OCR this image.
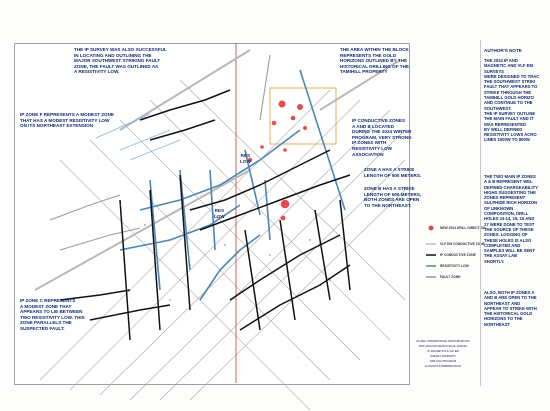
THE IP SURVEY WAS ALSO SUCCESSFUL
IN LOCATING AND OUTLINING THE
MAJOR SOUTHWEST STRIKING FAULT
ZONE, THE FAULT WAS OUTLINED AS
A RESISTIVITY LOW.
THE AREA WITHIN THE BLOCK
REPRESENTS THE GOLD
HORIZONS OUTLINED BY THE
HISTORICAL DRILLING OF THE
TAMIHILL PROPERTY
IP ZONE F REPRESENTS A MODEST ZONE
THAT HAS A MODEST RESISTIVITY LOW
ON ITS NORTHEAST EXTENSION
IP CONDUCTIVE ZONES
A AND B LOCATED
DURING THE 2024 WINTER
PROGRAM, VERY STRONG
IP ZONES WITH
RESISTIVITY LOW
ASSOCIATION
ZONE A HAS A STRIKE
LENGTH OF 500 METERS.
ZONE B HAS A STRIKE
LENGTH OF 500 METERS,
BOTH ZONES ARE OPEN
TO THE NORTHEAST.
IP ZONE C REPRESENTS
A MODEST ZONE THAT
APPEARS TO LIE BETWEEN
TWO RESISTIVITY LOW. THIS
ZONE PARALLELS THE
SUSPECTED FAULT.
RES
LOW
RES
LOW
NEW 2024 DRILL DIRECTION
VLF EM CONDUCTIVE ZONE
IP CONDUCTIVE ZONE
RESISTIVITY LOW
FAULT ZONE
GLOBAL INTERNATIONAL RESOURCES INC
2024 GROUND GEOPHYSICAL SURVEY
IP, MAGNETICS & VLF EM
TAMIHILL PROPERTY
DRILLING PROGRAM
AUTHOR'S INTERPRETATION
AUTHOR'S NOTE
THE 2024 IP AND
MAGNETIC AND VLF EM
SURVEYS
WERE DESIGNED TO TRAC
THE SOUTHWEST STRIKI
FAULT THAT APPEARS TO
STRIKE THROUGH THE
TAMIHILL GOLD HORIZO
AND CONTINUE TO THE
SOUTHWEST.
THE IP SURVEY OUTLINE
THE MAIN FAULT AND IT
WAS REPRESENTED
BY WELL DEFINED
RESISTIVITY LOWS ACRO
LINES 1000W TO 800W
THE TWO MAIN IP ZONES
A & B REPRESENT WEL
DEFINED CHARGEABILITY
HIGHS SUGGESTING THE
ZONES REPRESENT
SULPHIDE RICH HORIZON
OF UNKNOWN
COMPOSITION, DRILL
HOLES 24-14, 15, 16 AND
17 WERE DONE TO TEST
THE SOURCE OF THESE
ZONES. LOGGING OF
THESE HOLES IS ALSO
COMPLETED AND
SAMPLES WILL BE SENT
THE ASSAY LAB
SHORTLY.
ALSO, BOTH IP ZONES A
AND B ARE OPEN TO THE
NORTHEAST AND
APPEAR TO STRIKE WITH
THE HISTORICAL GOLD
HORIZONS TO THE
NORTHEAST
